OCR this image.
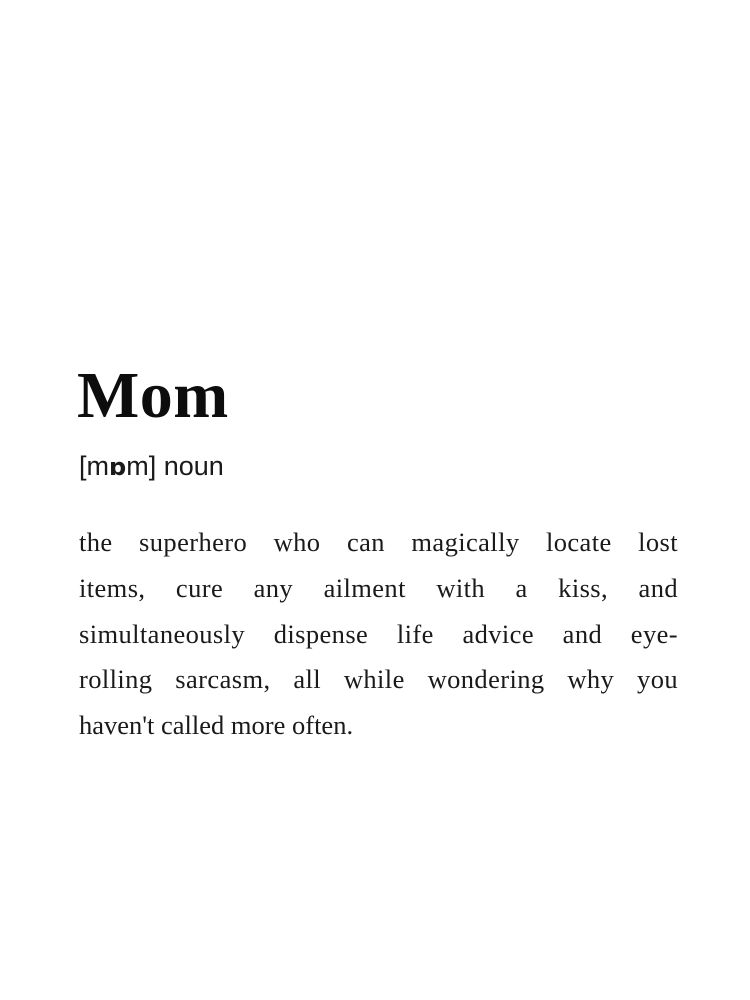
Mom
[mɒm] noun

the superhero who can magically locate lost
items, cure any ailment with a kiss, and
simultaneously dispense life advice and eye-
rolling sarcasm, all while wondering why you
haven't called more often.
